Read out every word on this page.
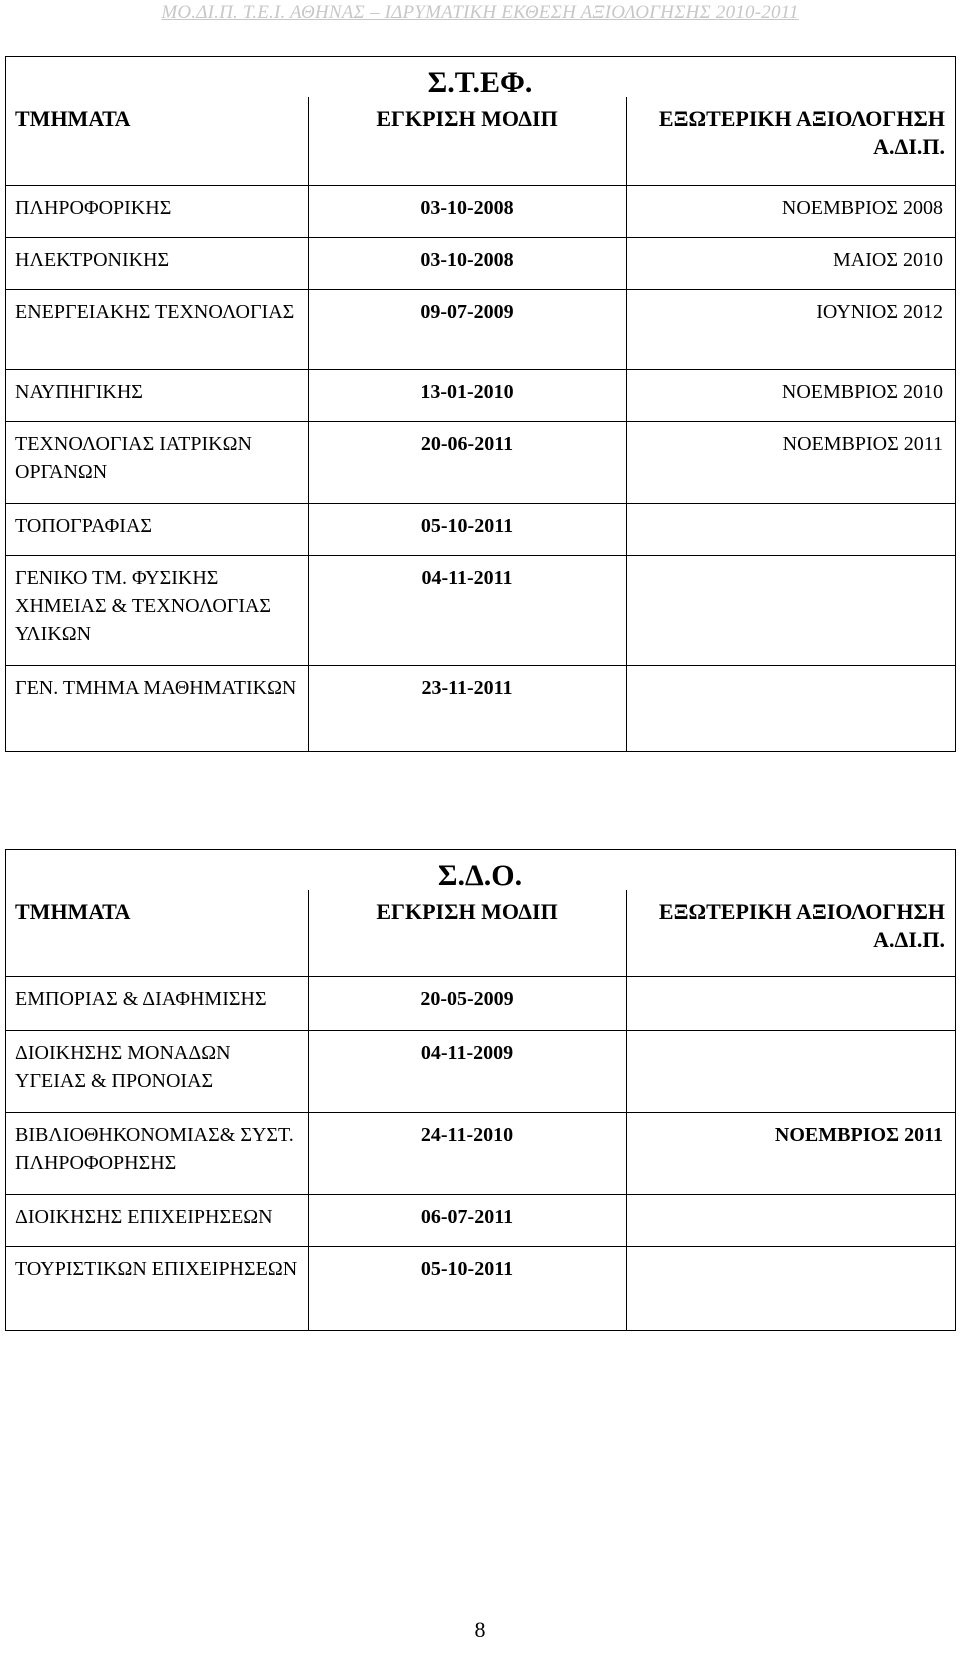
ΜΟ.ΔΙ.Π. Τ.Ε.Ι. ΑΘΗΝΑΣ – ΙΔΡΥΜΑΤΙΚΗ ΕΚΘΕΣΗ ΑΞΙΟΛΟΓΗΣΗΣ 2010-2011
Σ.Τ.ΕΦ.		
ΤΜΗΜΑΤΑ	ΕΓΚΡΙΣΗ ΜΟΔΙΠ	ΕΞΩΤΕΡΙΚΗ ΑΞΙΟΛΟΓΗΣΗ Α.ΔΙ.Π.
ΠΛΗΡΟΦΟΡΙΚΗΣ	03-10-2008	ΝΟΕΜΒΡΙΟΣ 2008
ΗΛΕΚΤΡΟΝΙΚΗΣ	03-10-2008	ΜΑΙΟΣ 2010
ΕΝΕΡΓΕΙΑΚΗΣ ΤΕΧΝΟΛΟΓΙΑΣ	09-07-2009	ΙΟΥΝΙΟΣ 2012
ΝΑΥΠΗΓΙΚΗΣ	13-01-2010	ΝΟΕΜΒΡΙΟΣ 2010
ΤΕΧΝΟΛΟΓΙΑΣ ΙΑΤΡΙΚΩΝ ΟΡΓΑΝΩΝ	20-06-2011	ΝΟΕΜΒΡΙΟΣ 2011
ΤΟΠΟΓΡΑΦΙΑΣ	05-10-2011	
ΓΕΝΙΚΟ ΤΜ. ΦΥΣΙΚΗΣ ΧΗΜΕΙΑΣ & ΤΕΧΝΟΛΟΓΙΑΣ ΥΛΙΚΩΝ	04-11-2011	
ΓΕΝ. ΤΜΗΜΑ ΜΑΘΗΜΑΤΙΚΩΝ	23-11-2011	
Σ.Δ.Ο.		
ΤΜΗΜΑΤΑ	ΕΓΚΡΙΣΗ ΜΟΔΙΠ	ΕΞΩΤΕΡΙΚΗ ΑΞΙΟΛΟΓΗΣΗ Α.ΔΙ.Π.
ΕΜΠΟΡΙΑΣ & ΔΙΑΦΗΜΙΣΗΣ	20-05-2009	
ΔΙΟΙΚΗΣΗΣ ΜΟΝΑΔΩΝ ΥΓΕΙΑΣ & ΠΡΟΝΟΙΑΣ	04-11-2009	
ΒΙΒΛΙΟΘΗΚΟΝΟΜΙΑΣ& ΣΥΣΤ. ΠΛΗΡΟΦΟΡΗΣΗΣ	24-11-2010	ΝΟΕΜΒΡΙΟΣ 2011
ΔΙΟΙΚΗΣΗΣ ΕΠΙΧΕΙΡΗΣΕΩΝ	06-07-2011	
ΤΟΥΡΙΣΤΙΚΩΝ ΕΠΙΧΕΙΡΗΣΕΩΝ	05-10-2011	
8
